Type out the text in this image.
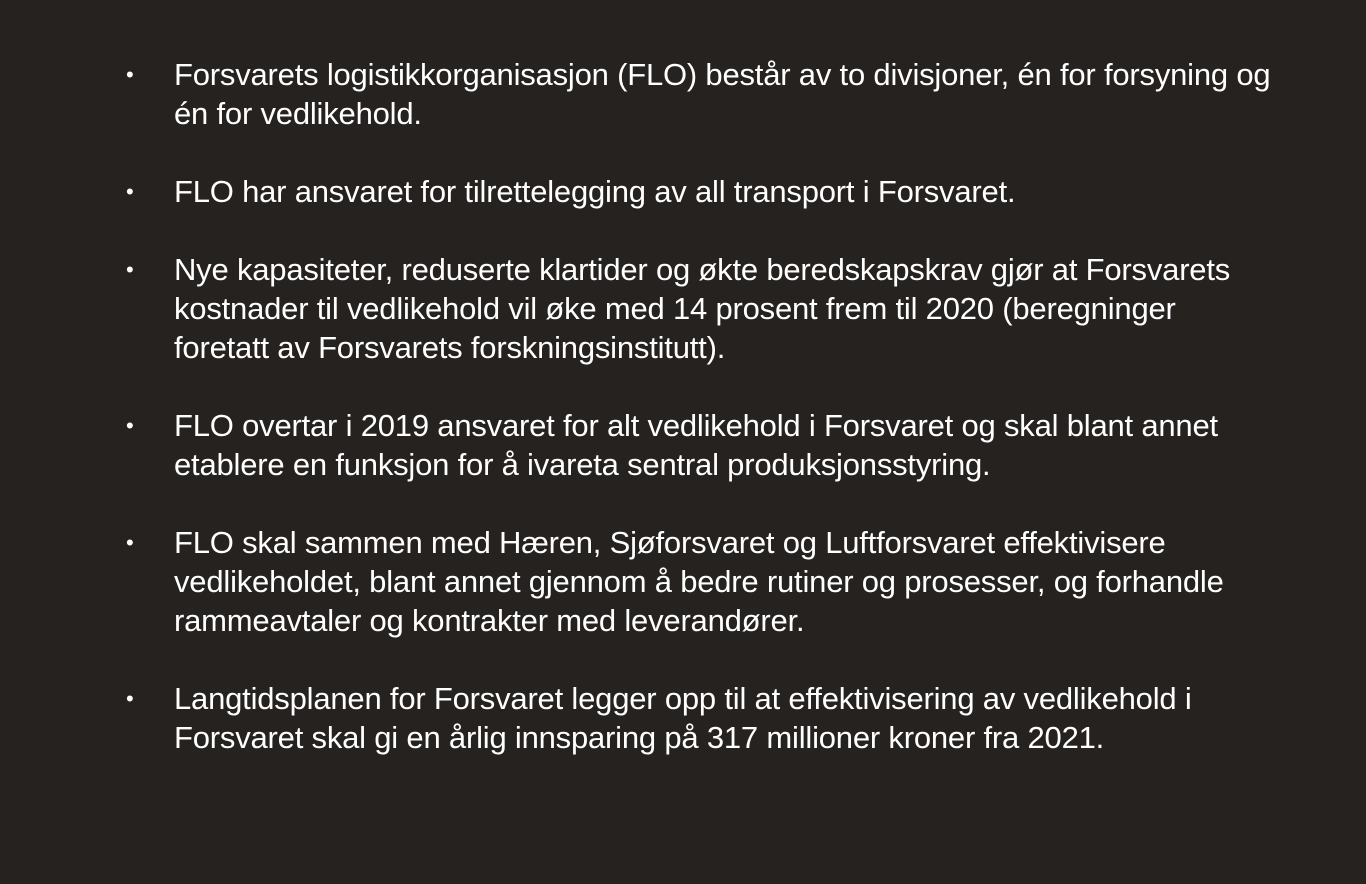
• Forsvarets logistikkorganisasjon (FLO) består av to divisjoner, én for forsyning og én for vedlikehold.
• FLO har ansvaret for tilrettelegging av all transport i Forsvaret.
• Nye kapasiteter, reduserte klartider og økte beredskapskrav gjør at Forsvarets kostnader til vedlikehold vil øke med 14 prosent frem til 2020 (beregninger foretatt av Forsvarets forskningsinstitutt).
• FLO overtar i 2019 ansvaret for alt vedlikehold i Forsvaret og skal blant annet etablere en funksjon for å ivareta sentral produksjonsstyring.
• FLO skal sammen med Hæren, Sjøforsvaret og Luftforsvaret effektivisere vedlikeholdet, blant annet gjennom å bedre rutiner og prosesser, og forhandle rammeavtaler og kontrakter med leverandører.
• Langtidsplanen for Forsvaret legger opp til at effektivisering av vedlikehold i Forsvaret skal gi en årlig innsparing på 317 millioner kroner fra 2021.
